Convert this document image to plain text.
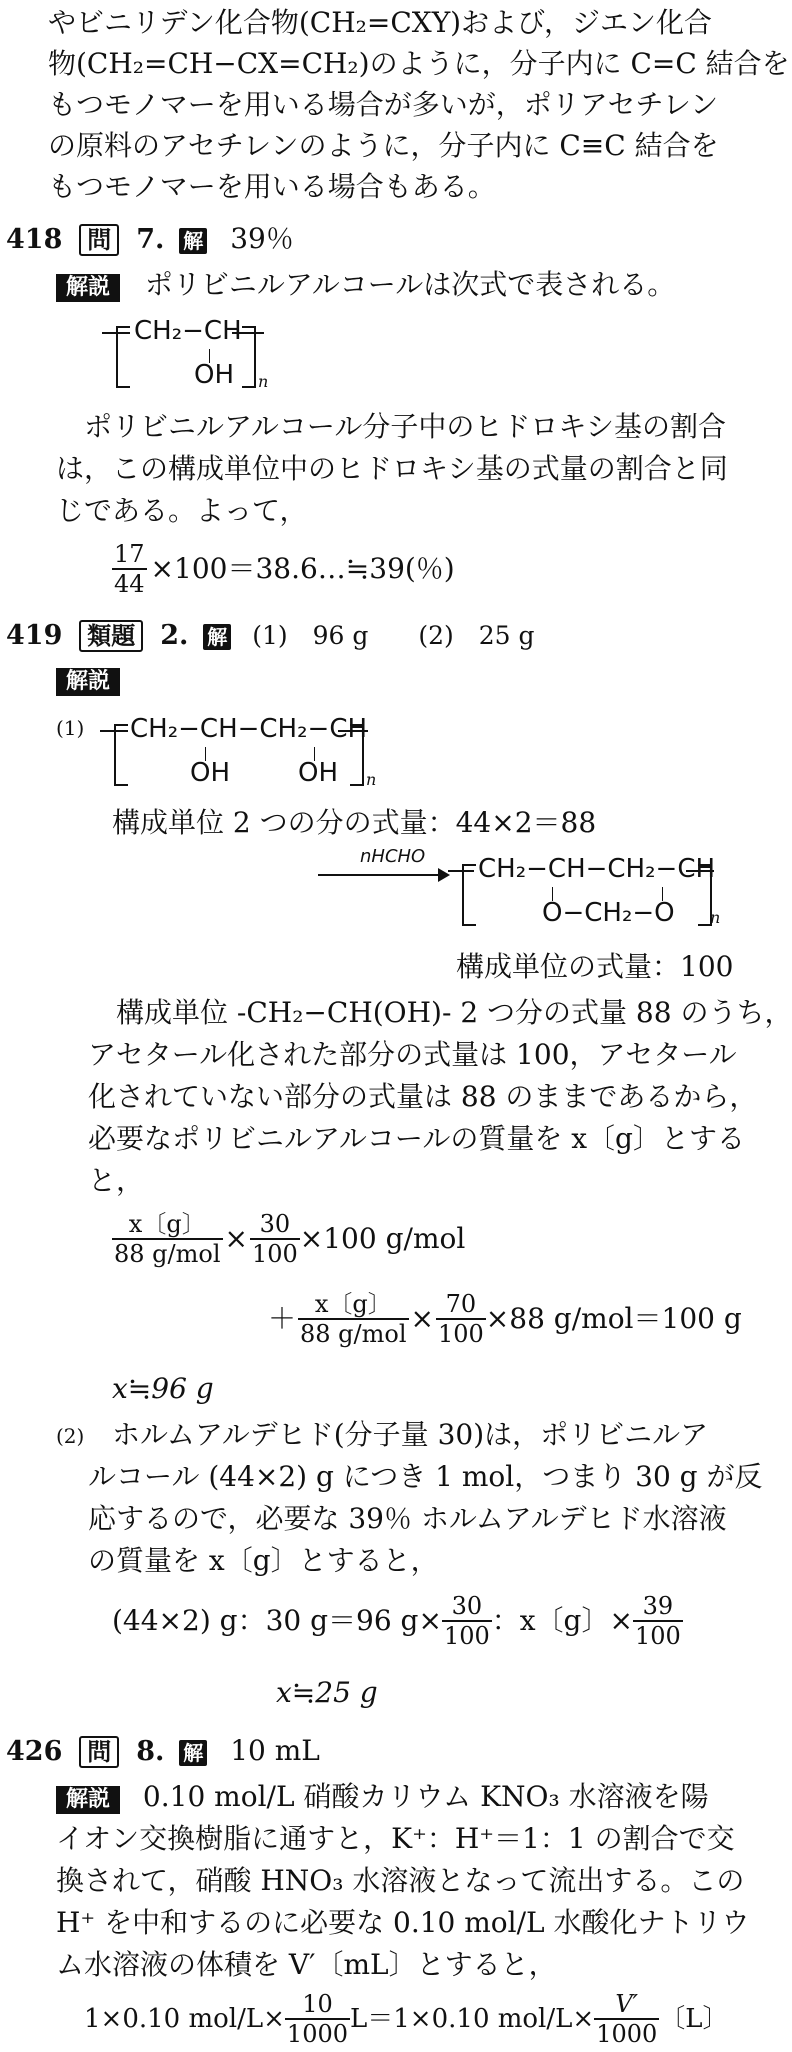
やビニリデン化合物(CH₂=CXY)および，ジエン化合
物(CH₂=CH−CX=CH₂)のように，分子内に C=C 結合を
もつモノマーを用いる場合が多いが，ポリアセチレン
の原料のアセチレンのように，分子内に C≡C 結合を
もつモノマーを用いる場合もある。
418 問 7. 解 39％
解説 ポリビニルアルコールは次式で表される。
CH₂−CH
OH n
　ポリビニルアルコール分子中のヒドロキシ基の割合
は，この構成単位中のヒドロキシ基の式量の割合と同
じである。よって，
$\frac{17}{44}$ ×100＝38.6…≒39(％)
419 類題 2. 解 (1)　96 g　　(2)　25 g
解説
(1) CH₂−CH−CH₂−CH
OH	OH n
構成単位 2 つの分の式量：44×2＝88
nHCHO CH₂−CH−CH₂−CH
O−CH₂−O n
構成単位の式量：100
　構成単位 -CH₂−CH(OH)- 2 つ分の式量 88 のうち，
アセタール化された部分の式量は 100，アセタール
化されていない部分の式量は 88 のままであるから，
必要なポリビニルアルコールの質量を x〔g〕とする
と，
$\frac{x〔g〕}{\text{88 g/mol}} \times \frac{30}{100} \times 100$ g/mol
＋ $\frac{x〔g〕}{\text{88 g/mol}} \times \frac{70}{100} \times 88$ g/mol＝100 g
x≒96 g
(2) ホルムアルデヒド(分子量 30)は，ポリビニルア
ルコール (44×2) g につき 1 mol，つまり 30 g が反
応するので，必要な 39％ ホルムアルデヒド水溶液
の質量を x〔g〕とすると，
(44×2) g：30 g＝96 $g\times \frac{30}{100}$ ：x〔g〕× $\frac{39}{100}$
x≒25 g
426 問 8. 解 10 mL
解説 0.10 mol/L 硝酸カリウム KNO₃ 水溶液を陽
イオン交換樹脂に通すと，K⁺：H⁺＝1：1 の割合で交
換されて，硝酸 HNO₃ 水溶液となって流出する。この
H⁺ を中和するのに必要な 0.10 mol/L 水酸化ナトリウ
ム水溶液の体積を V′〔mL〕とすると，
1×0.10 $mol/L\times \frac{10}{1000} L=1\times 0.10$ $mol/L\times \frac{V'}{1000}$ 〔L〕
